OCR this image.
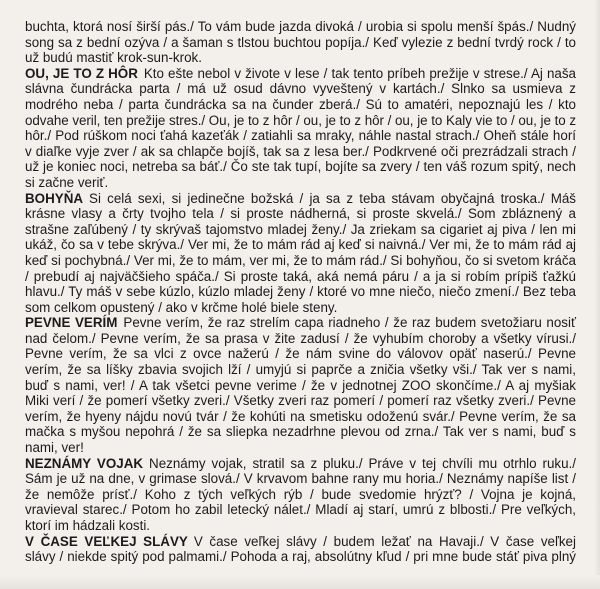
buchta, ktorá nosí širší pás./ To vám bude jazda divoká / urobia si spolu menší špás./ Nudný
song sa z bední ozýva / a šaman s tlstou buchtou popíja./ Keď vylezie z bední tvrdý rock / to
už budú mastiť krok-sun-krok.
OU, JE TO Z HÔR Kto ešte nebol v živote v lese / tak tento príbeh prežije v strese./ Aj naša
slávna čundrácka parta / má už osud dávno vyveštený v kartách./ Slnko sa usmieva z
modrého neba / parta čundrácka sa na čunder zberá./ Sú to amatéri, nepoznajú les / kto
odvahe veril, ten prežije stres./ Ou, je to z hôr / ou, je to z hôr / ou, je to Kaly vie to / ou, je to z
hôr./ Pod rúškom noci ťahá kazeťák / zatiahli sa mraky, náhle nastal strach./ Oheň stále horí
v diaľke vyje zver / ak sa chlapče bojíš, tak sa z lesa ber./ Podkrvené oči prezrádzali strach /
už je koniec noci, netreba sa báť./ Čo ste tak tupí, bojíte sa zvery / ten váš rozum spitý, nech
si začne veriť.
BOHYŇA Si celá sexi, si jedinečne božská / ja sa z teba stávam obyčajná troska./ Máš
krásne vlasy a črty tvojho tela / si proste nádherná, si proste skvelá./ Som zbláznený a
strašne zaľúbený / ty skrývaš tajomstvo mladej ženy./ Ja zriekam sa cigariet aj piva / len mi
ukáž, čo sa v tebe skrýva./ Ver mi, že to mám rád aj keď si naivná./ Ver mi, že to mám rád aj
keď si pochybná./ Ver mi, že to mám, ver mi, že to mám rád./ Si bohyňou, čo si svetom kráča
/ prebudí aj najväčšieho spáča./ Si proste taká, aká nemá páru / a ja si robím prípiš ťažkú
hlavu./ Ty máš v sebe kúzlo, kúzlo mladej ženy / ktoré vo mne niečo, niečo zmení./ Bez teba
som celkom opustený / ako v krčme holé biele steny.
PEVNE VERÍM Pevne verím, že raz strelím capa riadneho / že raz budem svetožiaru nosiť
nad čelom./ Pevne verím, že sa prasa v žite zadusí / že vyhubím choroby a všetky vírusi./
Pevne verím, že sa vlci z ovce nažerú / že nám svine do válovov opäť naserú./ Pevne
verím, že sa líšky zbavia svojich lží / umyjú si paprče a zničia všetky vši./ Tak ver s nami,
buď s nami, ver! / A tak všetci pevne verime / že v jednotnej ZOO skončíme./ A aj myšiak
Miki verí / že pomerí všetky zveri./ Všetky zveri raz pomerí / pomerí raz všetky zveri./ Pevne
verím, že hyeny nájdu novú tvár / že kohúti na smetisku odoženú svár./ Pevne verím, že sa
mačka s myšou nepohrá / že sa sliepka nezadrhne plevou od zrna./ Tak ver s nami, buď s
nami, ver!
NEZNÁMY VOJAK Neznámy vojak, stratil sa z pluku./ Práve v tej chvíli mu otrhlo ruku./
Sám je už na dne, v grimase slová./ V krvavom bahne rany mu horia./ Neznámy napíše list /
že nemôže prísť./ Koho z tých veľkých rýb / bude svedomie hrýzť? / Vojna je kojná,
vravieval starec./ Potom ho zabil letecký nálet./ Mladí aj starí, umrú z blbosti./ Pre veľkých,
ktorí im hádzali kosti.
V ČASE VEĽKEJ SLÁVY V čase veľkej slávy / budem ležať na Havaji./ V čase veľkej
slávy / niekde spitý pod palmami./ Pohoda a raj, absolútny kľud / pri mne bude stáť piva plný
